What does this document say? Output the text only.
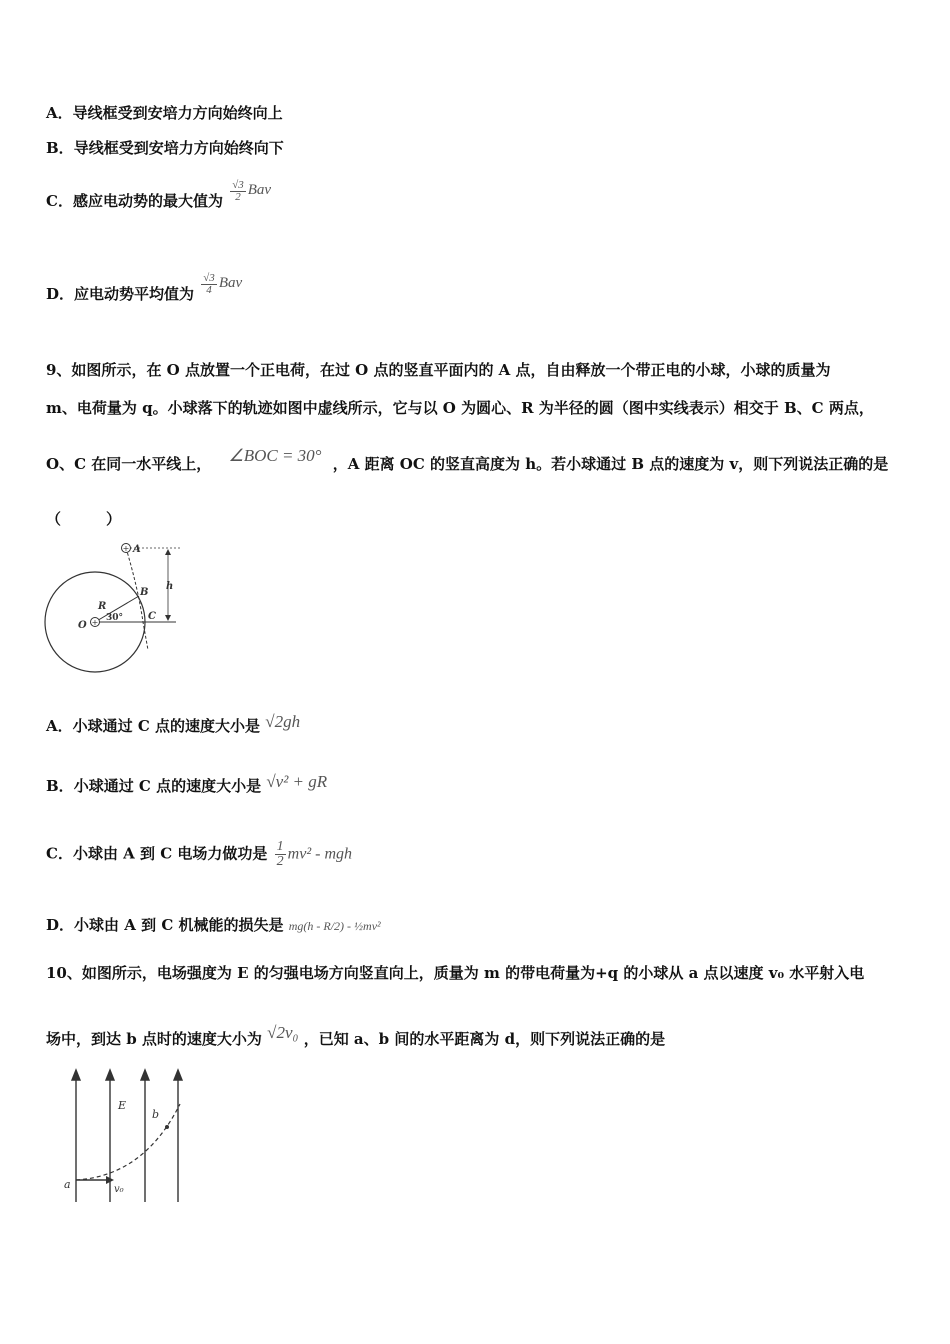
A．导线框受到安培力方向始终向上
B．导线框受到安培力方向始终向下
C．感应电动势的最大值为 $\frac{√3}{2}$ Bav
D．应电动势平均值为 $\frac{√3}{4}$ Bav
9、如图所示，在 O 点放置一个正电荷，在过 O 点的竖直平面内的 A 点，自由释放一个带正电的小球，小球的质量为
m、电荷量为 q。小球落下的轨迹如图中虚线所示，它与以 O 为圆心、R 为半径的圆（图中实线表示）相交于 B、C 两点，
O、C 在同一水平线上， ∠BOC = 30° ，A 距离 OC 的竖直高度为 h。若小球通过 B 点的速度为 v，则下列说法正确的是
（　　　）
+
+
A
B
C
O
R
30°
h
A．小球通过 C 点的速度大小是 √2gh
B．小球通过 C 点的速度大小是 √v² + gR
C．小球由 A 到 C 电场力做功是 $\frac{1}{2} mv^2$ - mgh
D．小球由 A 到 C 机械能的损失是 mg(h - R/2) - ½mv²
10、如图所示，电场强度为 E 的匀强电场方向竖直向上，质量为 m 的带电荷量为+q 的小球从 a 点以速度 v₀ 水平射入电
场中，到达 b 点时的速度大小为 √2v₀ ，已知 a、b 间的水平距离为 d，则下列说法正确的是
E
b
a	v₀
